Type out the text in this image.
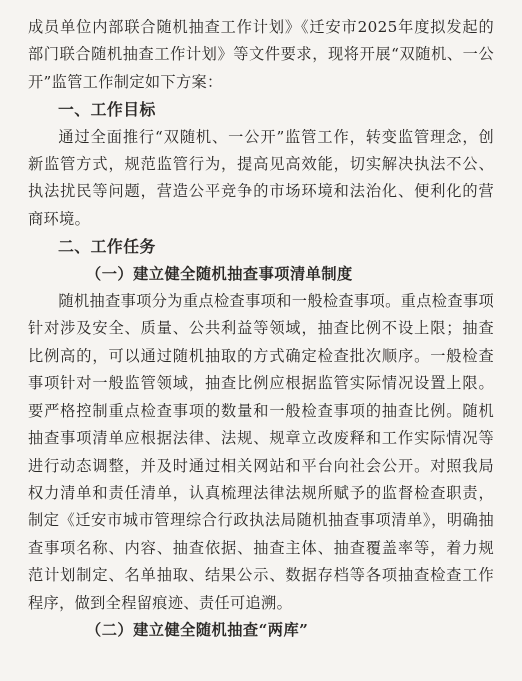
成员单位内部联合随机抽查工作计划》《迁安市2025年度拟发起的部门联合随机抽查工作计划》等文件要求，现将开展“双随机、一公开”监管工作制定如下方案：

一、工作目标

通过全面推行“双随机、一公开”监管工作，转变监管理念，创新监管方式，规范监管行为，提高见高效能，切实解决执法不公、执法扰民等问题，营造公平竞争的市场环境和法治化、便利化的营商环境。

二、工作任务
（一）建立健全随机抽查事项清单制度

随机抽查事项分为重点检查事项和一般检查事项。重点检查事项针对涉及安全、质量、公共利益等领域，抽查比例不设上限；抽查比例高的，可以通过随机抽取的方式确定检查批次顺序。一般检查事项针对一般监管领域，抽查比例应根据监管实际情况设置上限。要严格控制重点检查事项的数量和一般检查事项的抽查比例。随机抽查事项清单应根据法律、法规、规章立改废释和工作实际情况等进行动态调整，并及时通过相关网站和平台向社会公开。对照我局权力清单和责任清单，认真梳理法律法规所赋予的监督检查职责，制定《迁安市城市管理综合行政执法局随机抽查事项清单》，明确抽查事项名称、内容、抽查依据、抽查主体、抽查覆盖率等，着力规范计划制定、名单抽取、结果公示、数据存档等各项抽查检查工作程序，做到全程留痕迹、责任可追溯。

（二）建立健全随机抽查“两库”
